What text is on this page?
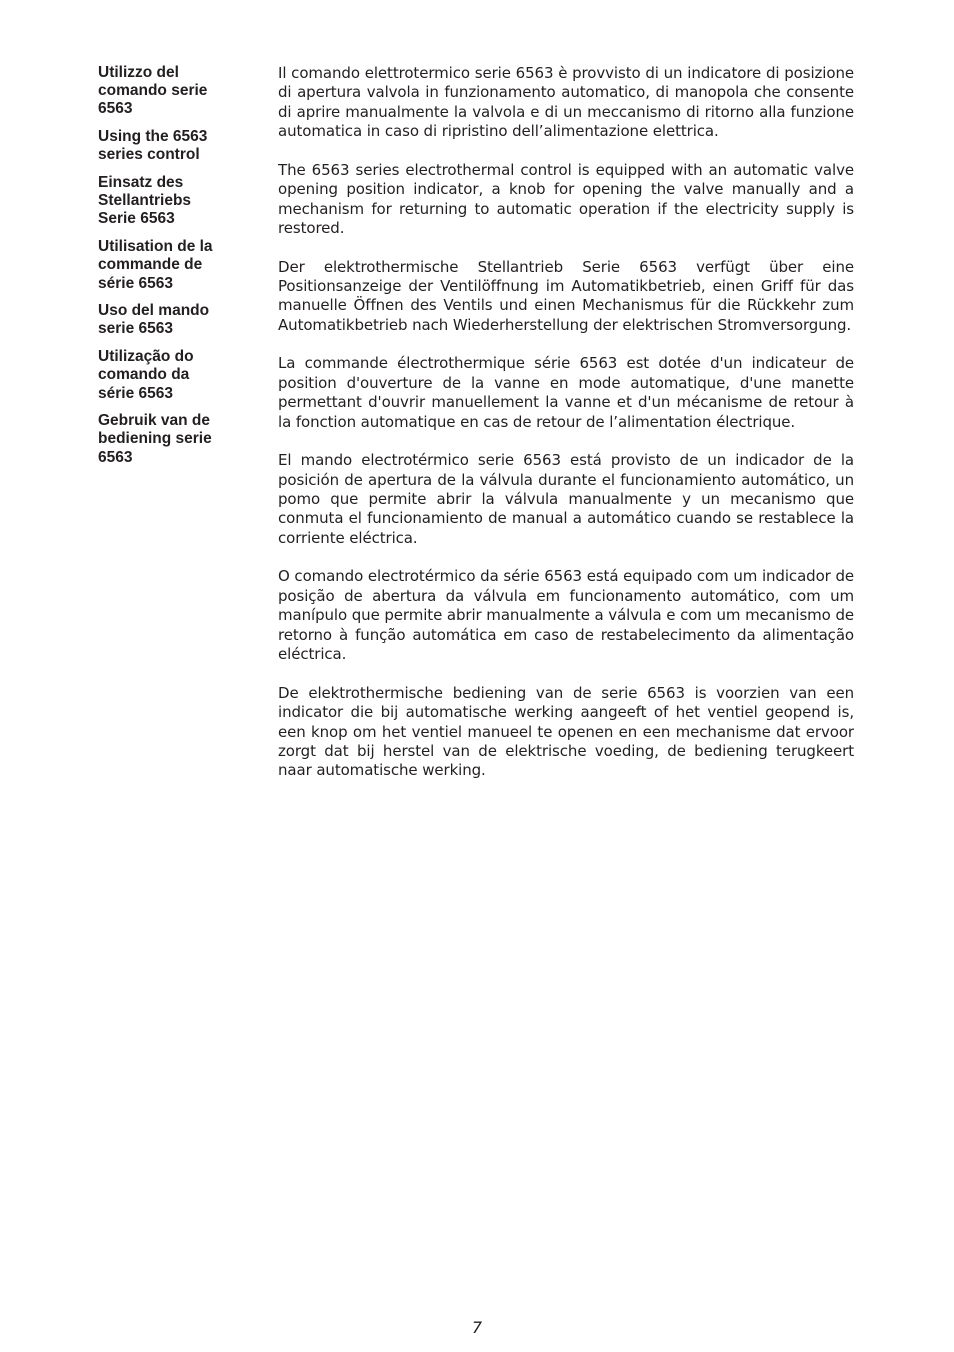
Utilizzo del
comando serie
6563
Using the 6563
series control
Einsatz des
Stellantriebs
Serie 6563
Utilisation de la
commande de
série 6563
Uso del mando
serie 6563
Utilização do
comando da
série 6563
Gebruik van de
bediening serie
6563

Il comando elettrotermico serie 6563 è provvisto di un indicatore di posizione di apertura valvola in funzionamento automatico, di manopola che consente di aprire manualmente la valvola e di un meccanismo di ritorno alla funzione automatica in caso di ripristino dell’alimentazione elettrica.

The 6563 series electrothermal control is equipped with an automatic valve opening position indicator, a knob for opening the valve manually and a mechanism for returning to automatic operation if the electricity supply is restored.

Der elektrothermische Stellantrieb Serie 6563 verfügt über eine Positionsanzeige der Ventilöffnung im Automatikbetrieb, einen Griff für das manuelle Öffnen des Ventils und einen Mechanismus für die Rückkehr zum Automatikbetrieb nach Wiederherstellung der elektrischen Stromversorgung.

La commande électrothermique série 6563 est dotée d'un indicateur de position d'ouverture de la vanne en mode automatique, d'une manette permettant d'ouvrir manuellement la vanne et d'un mécanisme de retour à la fonction automatique en cas de retour de l’alimentation électrique.

El mando electrotérmico serie 6563 está provisto de un indicador de la posición de apertura de la válvula durante el funcionamiento automático, un pomo que permite abrir la válvula manualmente y un mecanismo que conmuta el funcionamiento de manual a automático cuando se restablece la corriente eléctrica.

O comando electrotérmico da série 6563 está equipado com um indicador de posição de abertura da válvula em funcionamento automático, com um manípulo que permite abrir manualmente a válvula e com um mecanismo de retorno à função automática em caso de restabelecimento da alimentação eléctrica.

De elektrothermische bediening van de serie 6563 is voorzien van een indicator die bij automatische werking aangeeft of het ventiel geopend is, een knop om het ventiel manueel te openen en een mechanisme dat ervoor zorgt dat bij herstel van de elektrische voeding, de bediening terugkeert naar automatische werking.

7
